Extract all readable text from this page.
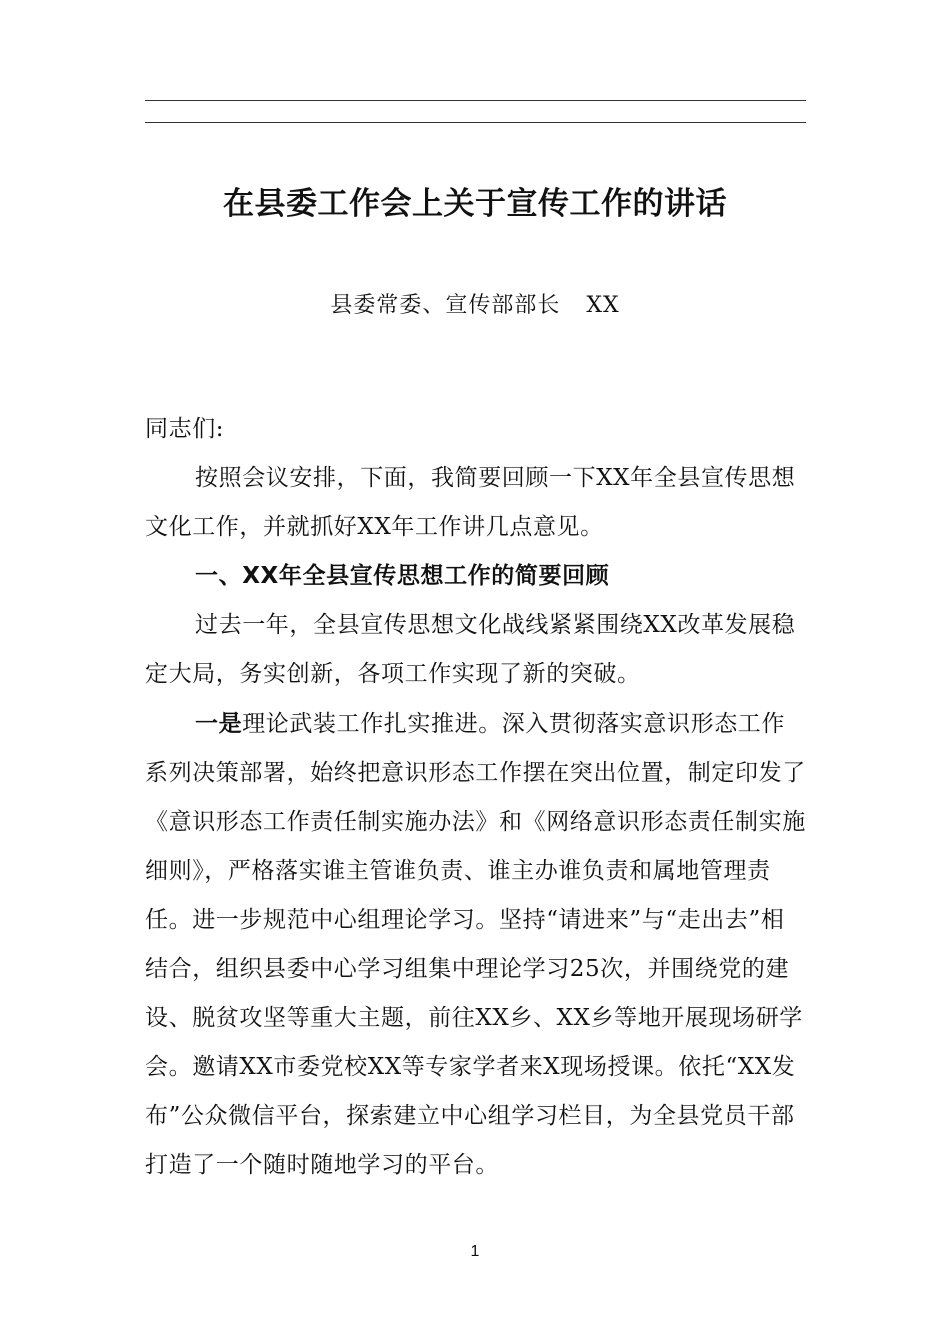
在县委工作会上关于宣传工作的讲话
县委常委、宣传部部长 XX
同志们:
按照会议安排，下面，我简要回顾一下XX年全县宣传思想文化工作，并就抓好XX年工作讲几点意见。
一、XX年全县宣传思想工作的简要回顾
过去一年，全县宣传思想文化战线紧紧围绕XX改革发展稳定大局，务实创新，各项工作实现了新的突破。
一是理论武装工作扎实推进。深入贯彻落实意识形态工作系列决策部署，始终把意识形态工作摆在突出位置，制定印发了《意识形态工作责任制实施办法》和《网络意识形态责任制实施细则》，严格落实谁主管谁负责、谁主办谁负责和属地管理责任。进一步规范中心组理论学习。坚持“请进来”与“走出去”相结合，组织县委中心学习组集中理论学习25次，并围绕党的建设、脱贫攻坚等重大主题，前往XX乡、XX乡等地开展现场研学会。邀请XX市委党校XX等专家学者来X现场授课。依托“XX发布”公众微信平台，探索建立中心组学习栏目，为全县党员干部打造了一个随时随地学习的平台。
1
